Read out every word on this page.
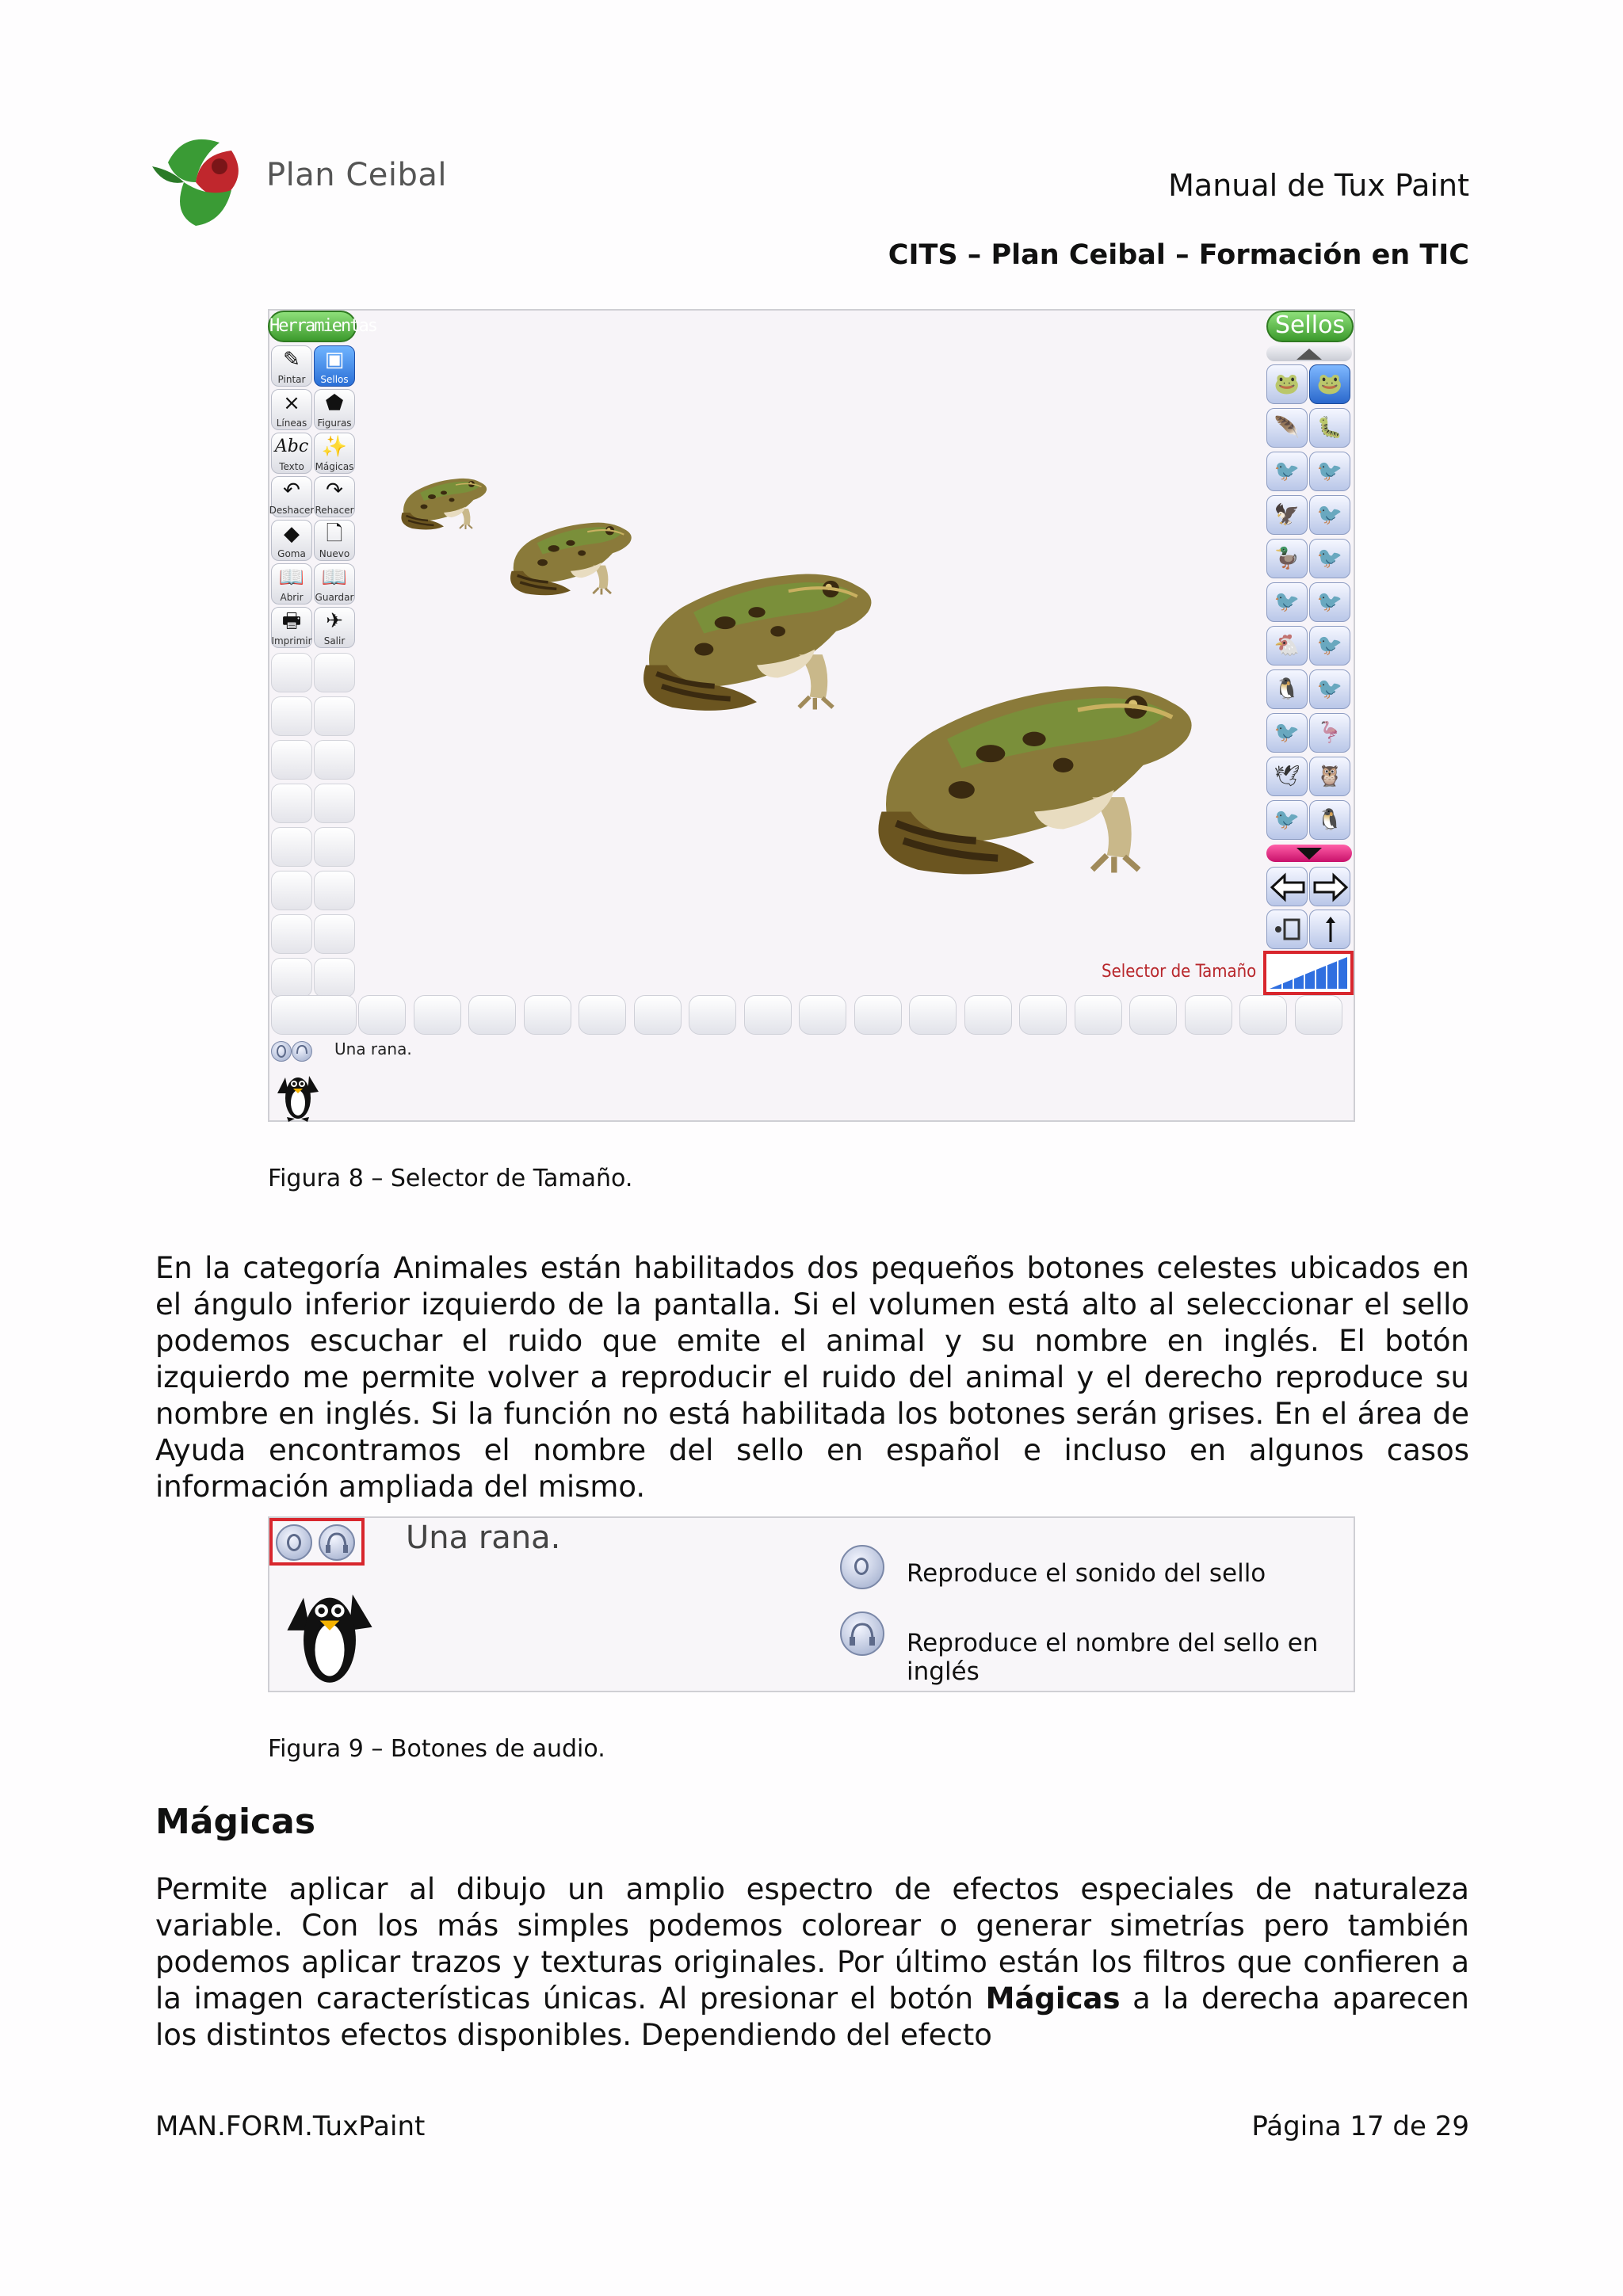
Plan Ceibal	Manual de Tux Paint
CITS – Plan Ceibal – Formación en TIC
Herramientas
✎
Pintar
▣
Sellos
⨯
Líneas
⬟
Figuras
Abc
Texto
✨
Mágicas
↶
Deshacer
↷
Rehacer
◆
Goma
🗋
Nuevo
📖
Abrir
📖
Guardar
🖶
Imprimir
✈
Salir
Sellos
🐸 🐸
🪶 🐛
🐦 🐦
🦅 🐦
🦆 🐦
🐦 🐦
🐔 🐦
🐧 🐦
🐦 🦩
🕊 🦉
🐦 🐧
Selector de Tamaño
Una rana.
Figura 8 – Selector de Tamaño.
En la categoría Animales están habilitados dos pequeños botones celestes ubicados en el ángulo inferior izquierdo de la pantalla. Si el volumen está alto al seleccionar el sello podemos escuchar el ruido que emite el animal y su nombre en inglés. El botón izquierdo me permite volver a reproducir el ruido del animal y el derecho reproduce su nombre en inglés. Si la función no está habilitada los botones serán grises. En el área de Ayuda encontramos el nombre del sello en español e incluso en algunos casos información ampliada del mismo.
Una rana.
Reproduce el sonido del sello
Reproduce el nombre del sello en inglés
Figura 9 – Botones de audio.
Mágicas
Permite aplicar al dibujo un amplio espectro de efectos especiales de naturaleza variable. Con los más simples podemos colorear o generar simetrías pero también podemos aplicar trazos y texturas originales. Por último están los filtros que confieren a la imagen características únicas. Al presionar el botón Mágicas a la derecha aparecen los distintos efectos disponibles. Dependiendo del efecto
MAN.FORM.TuxPaint	Página 17 de 29
